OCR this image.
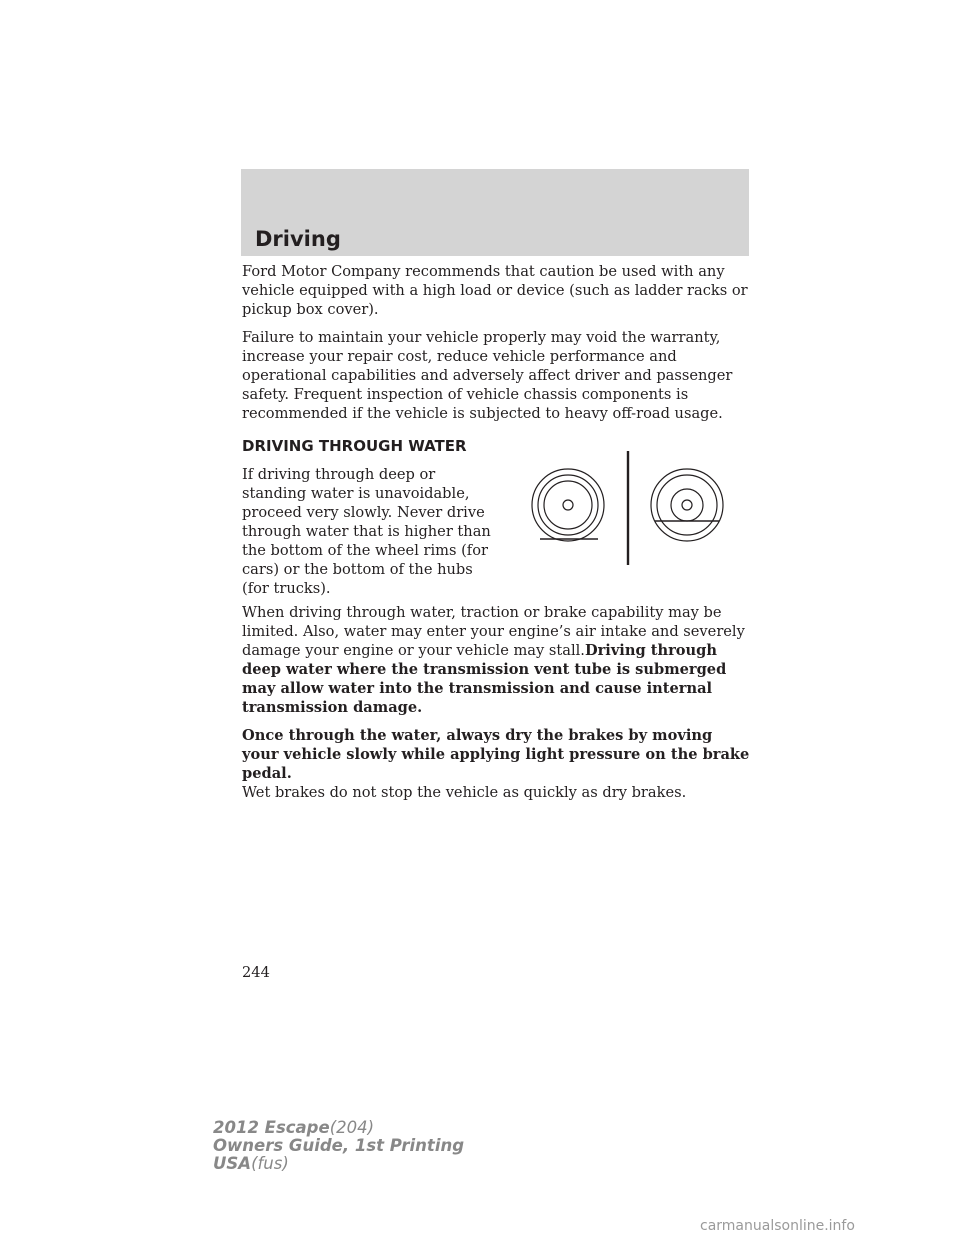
Driving

Ford Motor Company recommends that caution be used with any vehicle equipped with a high load or device (such as ladder racks or pickup box cover).

Failure to maintain your vehicle properly may void the warranty, increase your repair cost, reduce vehicle performance and operational capabilities and adversely affect driver and passenger safety. Frequent inspection of vehicle chassis components is recommended if the vehicle is subjected to heavy off-road usage.

DRIVING THROUGH WATER
If driving through deep or standing water is unavoidable, proceed very slowly. Never drive through water that is higher than the bottom of the wheel rims (for cars) or the bottom of the hubs (for trucks).

When driving through water, traction or brake capability may be limited. Also, water may enter your engine’s air intake and severely damage your engine or your vehicle may stall.Driving through deep water where the transmission vent tube is submerged may allow water into the transmission and cause internal transmission damage.

Once through the water, always dry the brakes by moving your vehicle slowly while applying light pressure on the brake pedal.
Wet brakes do not stop the vehicle as quickly as dry brakes.

244
2012 Escape(204)
Owners Guide, 1st Printing
USA(fus)
carmanualsonline.info
